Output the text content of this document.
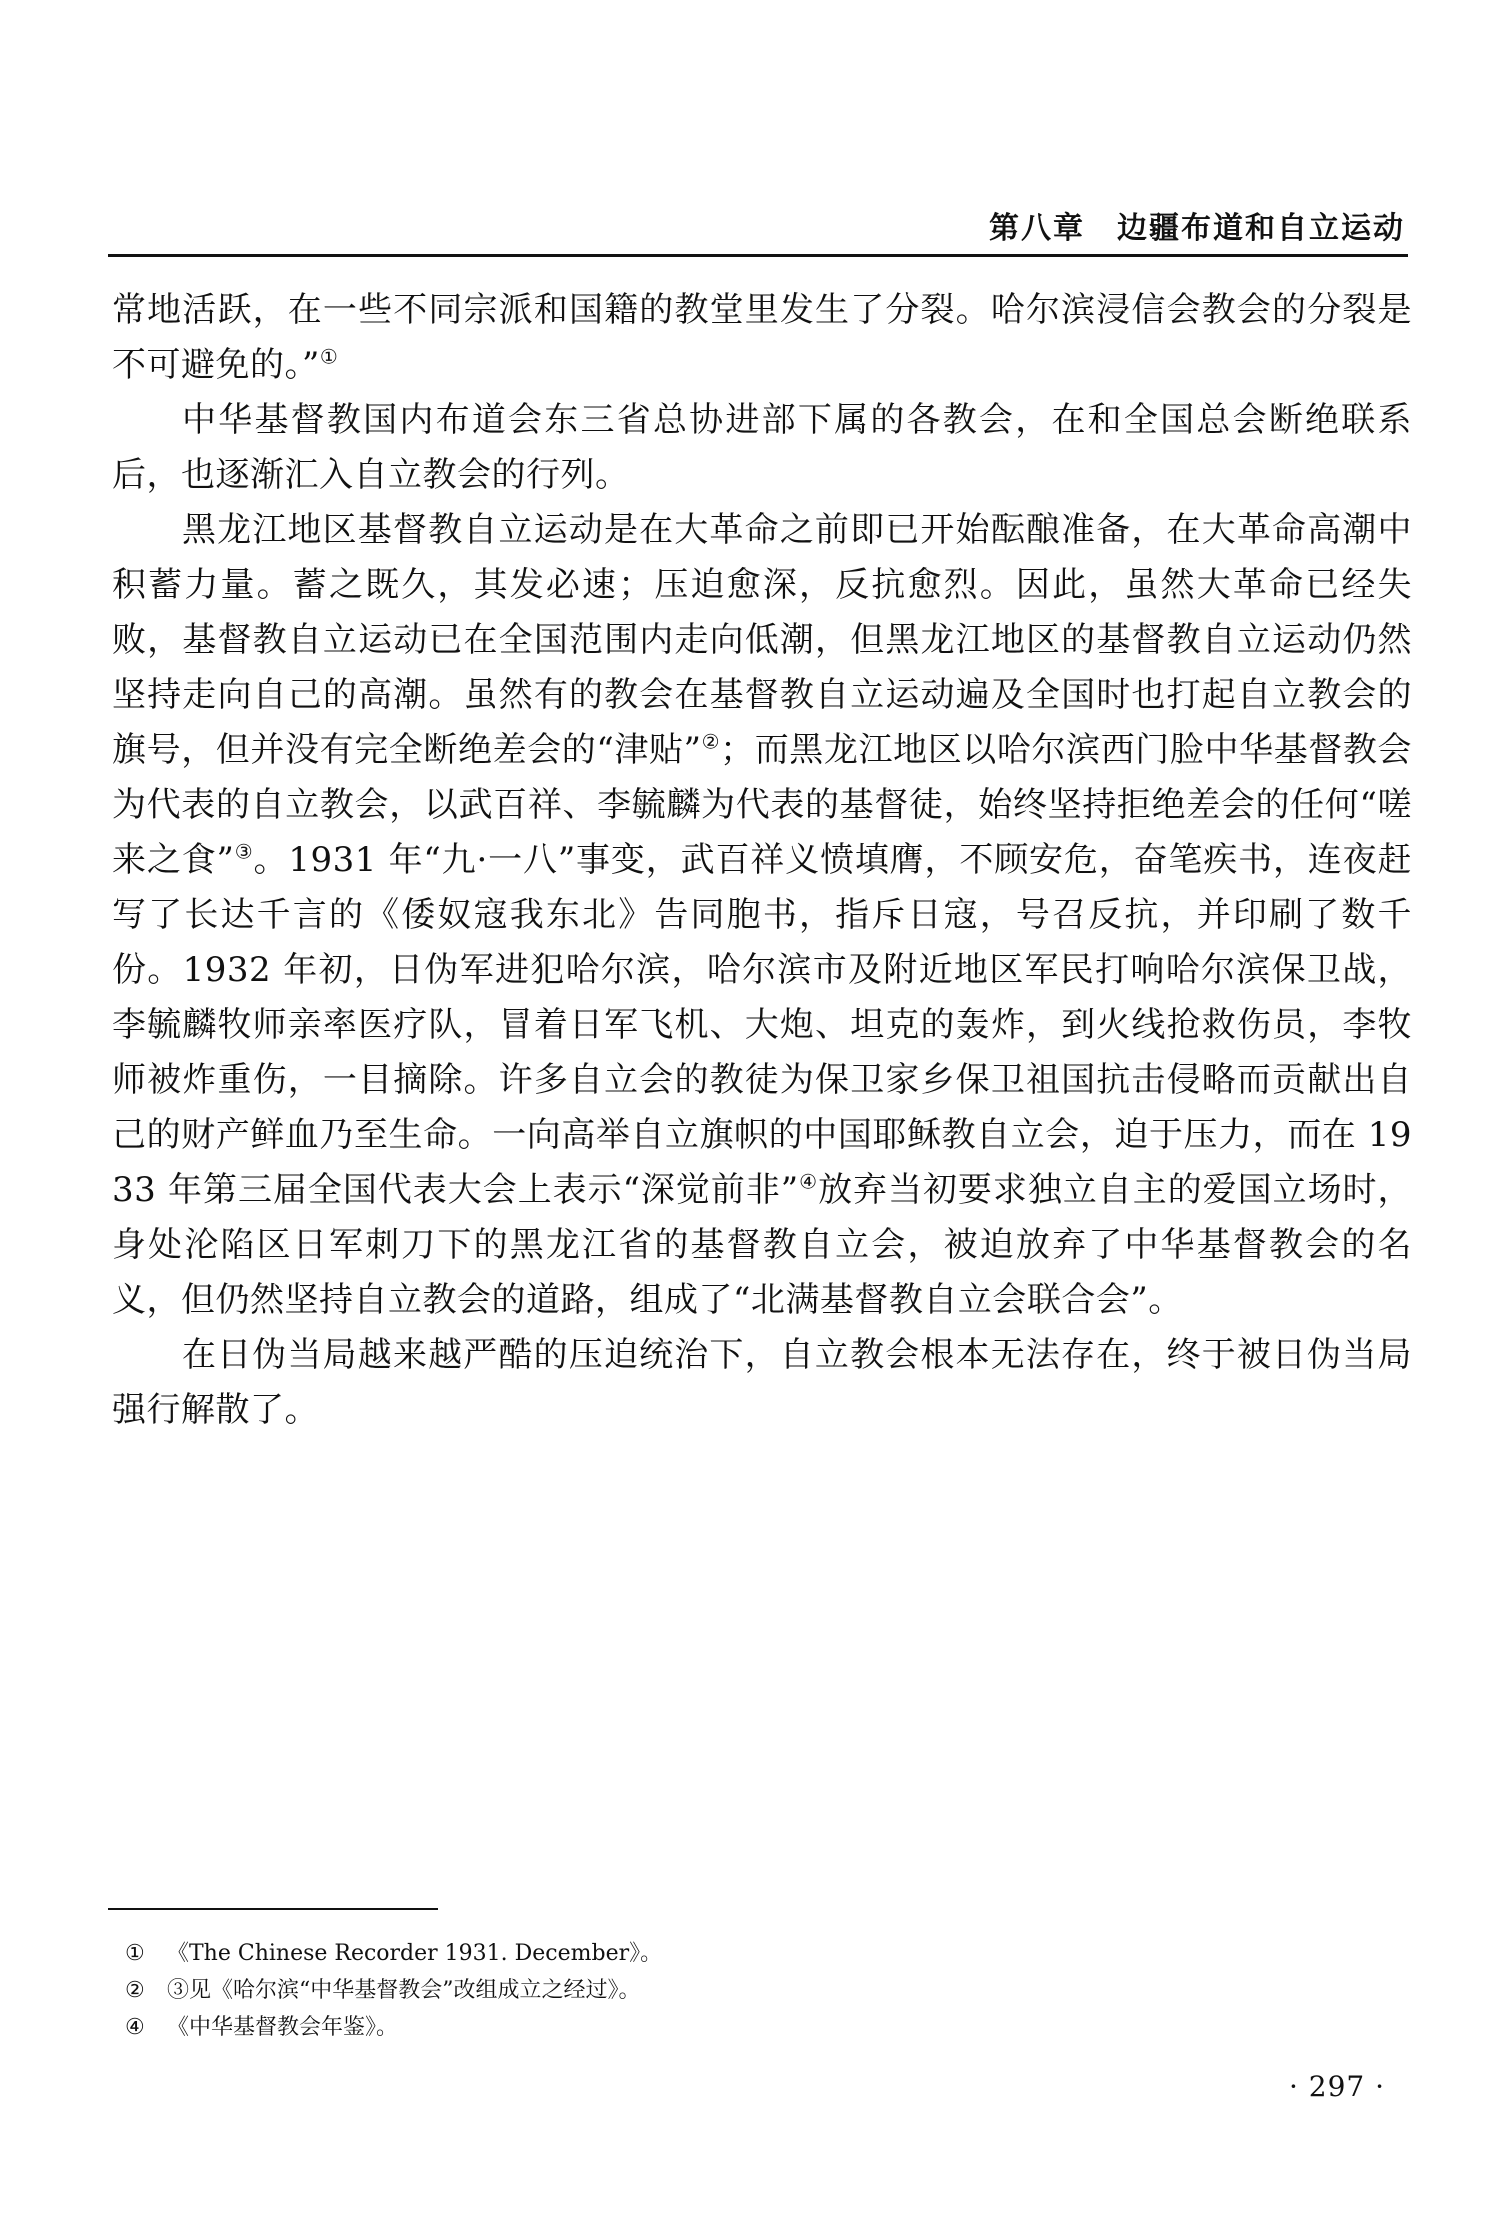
第八章　边疆布道和自立运动

常地活跃，在一些不同宗派和国籍的教堂里发生了分裂。哈尔滨浸信会教会的分裂是不可避免的。”①

中华基督教国内布道会东三省总协进部下属的各教会，在和全国总会断绝联系后，也逐渐汇入自立教会的行列。

黑龙江地区基督教自立运动是在大革命之前即已开始酝酿准备，在大革命高潮中积蓄力量。蓄之既久，其发必速；压迫愈深，反抗愈烈。因此，虽然大革命已经失败，基督教自立运动已在全国范围内走向低潮，但黑龙江地区的基督教自立运动仍然坚持走向自己的高潮。虽然有的教会在基督教自立运动遍及全国时也打起自立教会的旗号，但并没有完全断绝差会的“津贴”②；而黑龙江地区以哈尔滨西门脸中华基督教会为代表的自立教会，以武百祥、李毓麟为代表的基督徒，始终坚持拒绝差会的任何“嗟来之食”③。1931 年“九·一八”事变，武百祥义愤填膺，不顾安危，奋笔疾书，连夜赶写了长达千言的《倭奴寇我东北》告同胞书，指斥日寇，号召反抗，并印刷了数千份。1932 年初，日伪军进犯哈尔滨，哈尔滨市及附近地区军民打响哈尔滨保卫战，李毓麟牧师亲率医疗队，冒着日军飞机、大炮、坦克的轰炸，到火线抢救伤员，李牧师被炸重伤，一目摘除。许多自立会的教徒为保卫家乡保卫祖国抗击侵略而贡献出自己的财产鲜血乃至生命。一向高举自立旗帜的中国耶稣教自立会，迫于压力，而在 1933 年第三届全国代表大会上表示“深觉前非”④放弃当初要求独立自主的爱国立场时，身处沦陷区日军刺刀下的黑龙江省的基督教自立会，被迫放弃了中华基督教会的名义，但仍然坚持自立教会的道路，组成了“北满基督教自立会联合会”。

在日伪当局越来越严酷的压迫统治下，自立教会根本无法存在，终于被日伪当局强行解散了。

① 《The Chinese Recorder 1931. December》。
② ③见《哈尔滨“中华基督教会”改组成立之经过》。
④ 《中华基督教会年鉴》。
· 297 ·
